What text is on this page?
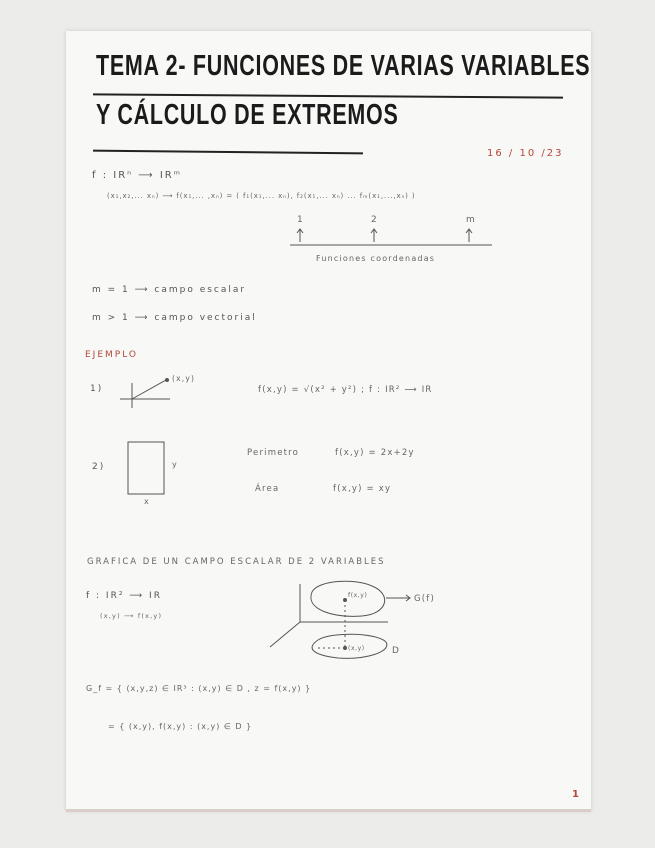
TEMA 2- FUNCIONES DE VARIAS VARIABLES
Y CÁLCULO DE EXTREMOS
16 / 10 /23
f : IRⁿ ⟶ IRᵐ
(x₁,x₂,... xₙ) ⟶ f(x₁,... ,xₙ) = ( f₁(x₁,... xₙ), f₂(x₁,... xₙ) ... fₘ(x₁,...,xₙ) )
1	2	m
Funciones coordenadas
m = 1 ⟶ campo escalar
m > 1 ⟶ campo vectorial
EJEMPLO
1)
(x,y)
f(x,y) = √(x² + y²) ; f : IR² ⟶ IR
2)	y
x
Perimetro	f(x,y) = 2x+2y
Área	f(x,y) = xy
GRAFICA DE UN CAMPO ESCALAR DE 2 VARIABLES
f : IR² ⟶ IR
(x,y) ⟶ f(x,y)
f(x,y)	G(f)
(x,y)	D
G_f = { (x,y,z) ∈ IR³ : (x,y) ∈ D , z = f(x,y) }
= { (x,y), f(x,y) : (x,y) ∈ D }
1
